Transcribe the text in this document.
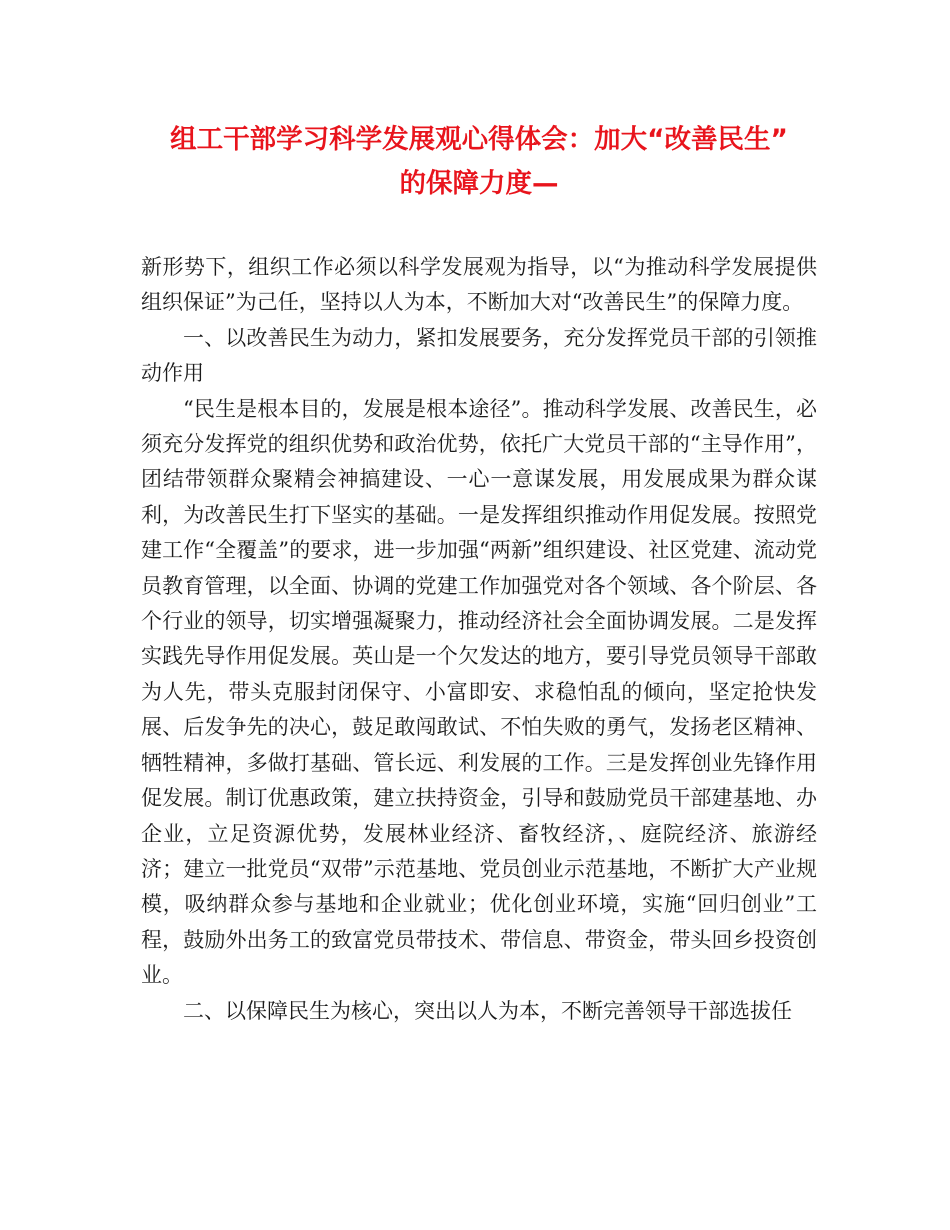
组工干部学习科学发展观心得体会：加大“改善民生”
的保障力度—

新形势下，组织工作必须以科学发展观为指导，以“为推动科学发展提供组织保证”为己任，坚持以人为本，不断加大对“改善民生”的保障力度。

一、以改善民生为动力，紧扣发展要务，充分发挥党员干部的引领推动作用

“民生是根本目的，发展是根本途径”。推动科学发展、改善民生，必须充分发挥党的组织优势和政治优势，依托广大党员干部的“主导作用”，团结带领群众聚精会神搞建设、一心一意谋发展，用发展成果为群众谋利，为改善民生打下坚实的基础。一是发挥组织推动作用促发展。按照党建工作“全覆盖”的要求，进一步加强“两新”组织建设、社区党建、流动党员教育管理，以全面、协调的党建工作加强党对各个领域、各个阶层、各个行业的领导，切实增强凝聚力，推动经济社会全面协调发展。二是发挥实践先导作用促发展。英山是一个欠发达的地方，要引导党员领导干部敢为人先，带头克服封闭保守、小富即安、求稳怕乱的倾向，坚定抢快发展、后发争先的决心，鼓足敢闯敢试、不怕失败的勇气，发扬老区精神、牺牲精神，多做打基础、管长远、利发展的工作。三是发挥创业先锋作用促发展。制订优惠政策，建立扶持资金，引导和鼓励党员干部建基地、办企业，立足资源优势，发展林业经济、畜牧经济，、庭院经济、旅游经济；建立一批党员“双带”示范基地、党员创业示范基地，不断扩大产业规模，吸纳群众参与基地和企业就业；优化创业环境，实施“回归创业”工程，鼓励外出务工的致富党员带技术、带信息、带资金，带头回乡投资创业。

二、以保障民生为核心，突出以人为本，不断完善领导干部选拔任
